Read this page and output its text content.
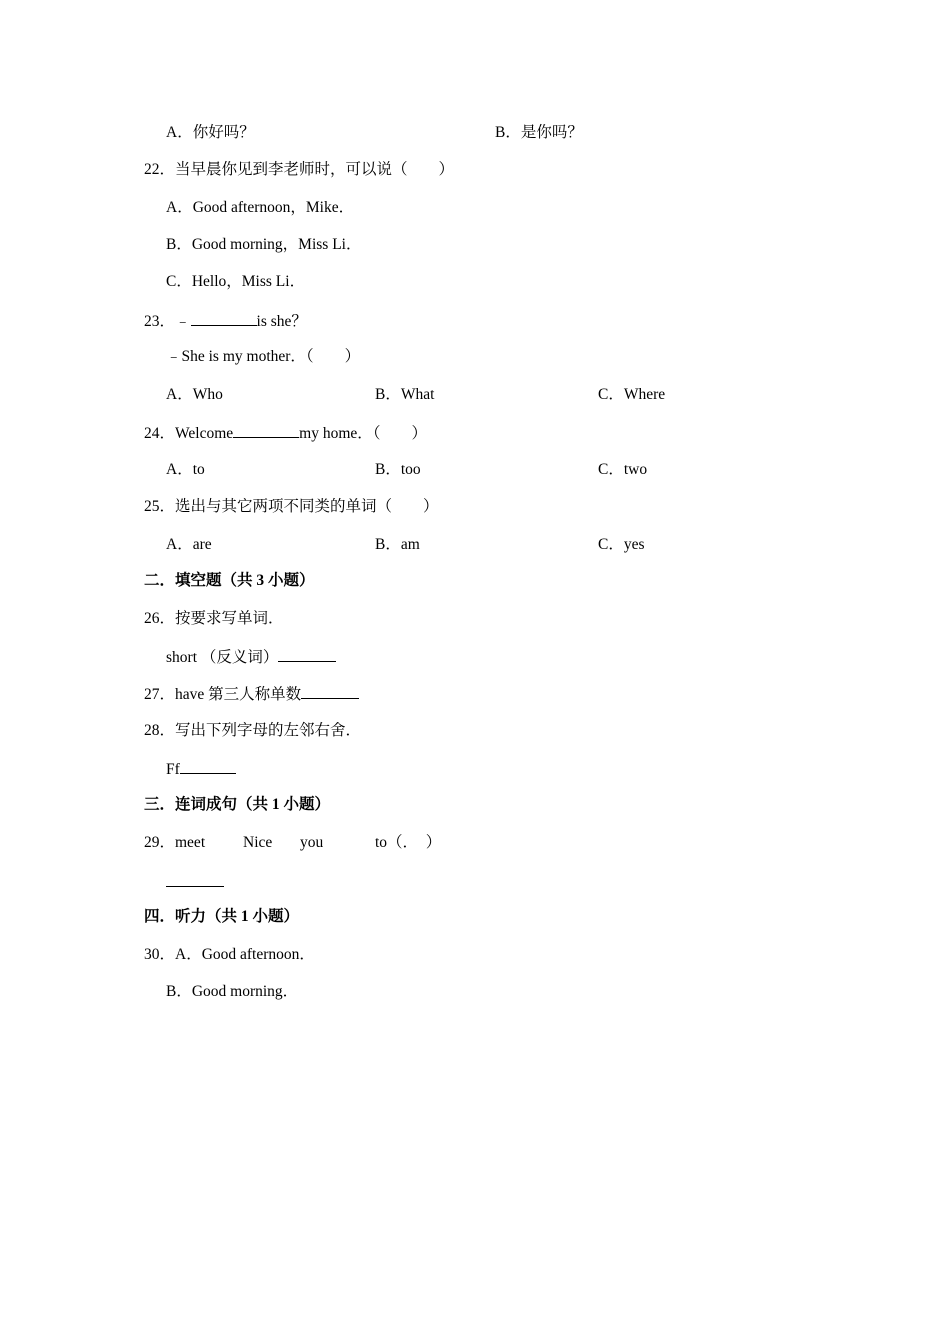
A．你好吗？	B．是你吗？
22．当早晨你见到李老师时，可以说（　　）
A．Good afternoon，Mike．
B．Good morning，Miss Li．
C．Hello，Miss Li．
23．﹣	is she？
﹣She is my mother．（　　）
A．Who	B．What	C．Where
24．Welcome	my home．（　　）
A．to	B．too	C．two
25．选出与其它两项不同类的单词（　　）
A．are	B．am	C．yes
二．填空题（共 3 小题）
26．按要求写单词．
short （反义词）
27．have 第三人称单数
28．写出下列字母的左邻右舍．
Ff
三．连词成句（共 1 小题）
29．meet Nice you	to（．　）
四．听力（共 1 小题）
30．A．Good afternoon．
B．Good morning．
